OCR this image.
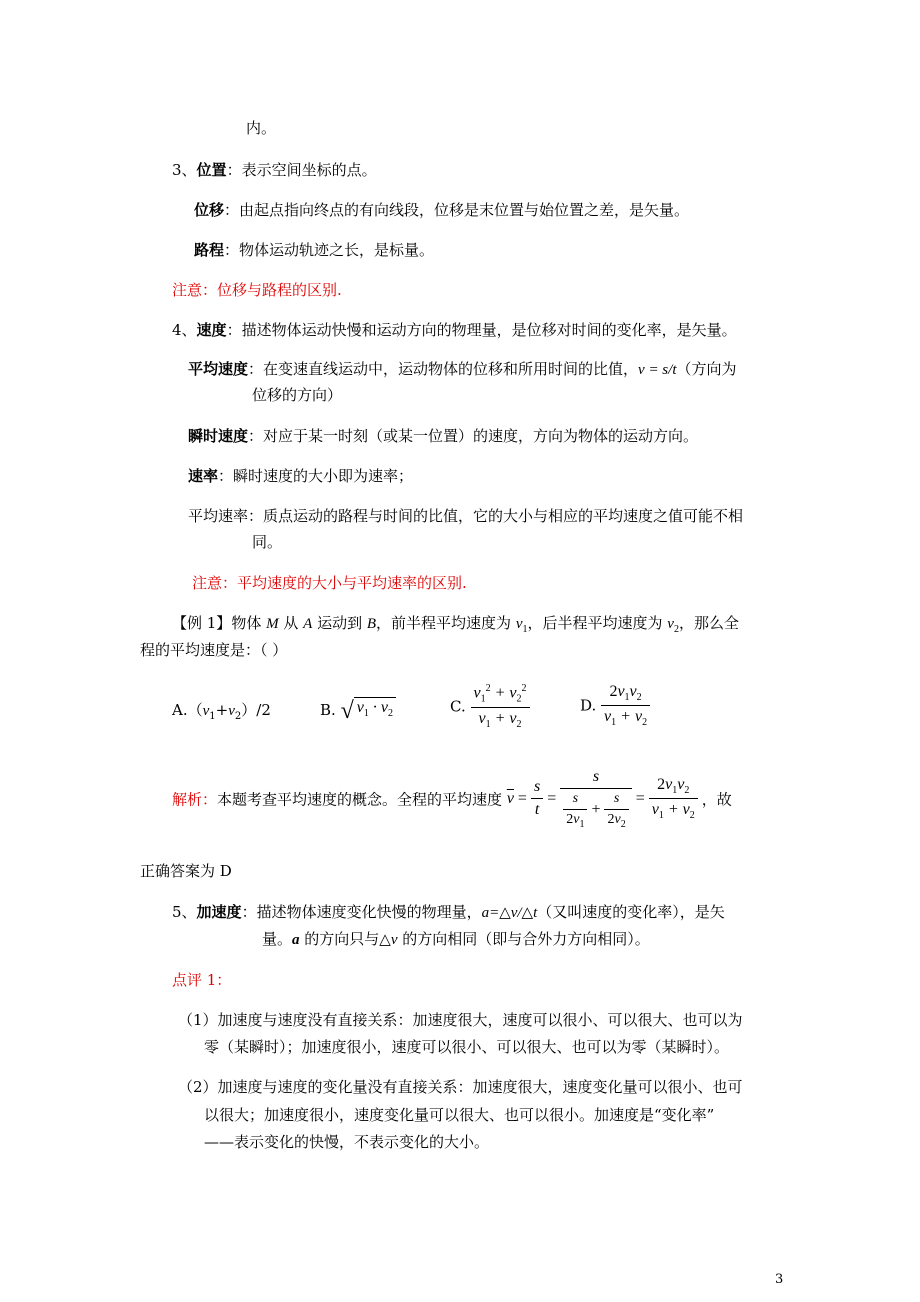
内。
3、位置：表示空间坐标的点。
位移：由起点指向终点的有向线段，位移是末位置与始位置之差，是矢量。
路程：物体运动轨迹之长，是标量。
注意：位移与路程的区别.
4、速度：描述物体运动快慢和运动方向的物理量，是位移对时间的变化率，是矢量。
平均速度：在变速直线运动中，运动物体的位移和所用时间的比值，v = s/t（方向为
位移的方向）
瞬时速度：对应于某一时刻（或某一位置）的速度，方向为物体的运动方向。
速率：瞬时速度的大小即为速率；
平均速率：质点运动的路程与时间的比值，它的大小与相应的平均速度之值可能不相
同。
注意：平均速度的大小与平均速率的区别.
【例 1】物体 M 从 A 运动到 B，前半程平均速度为 $v_1$，后半程平均速度为 $v_2$，那么全
程的平均速度是：（ ）
$A.(v_1+v_2)/2$	B. √ $v_1 \cdot v_2$	C. $\frac{v_1^2 + v_2^2}{v_1 + v_2}$	D. $\frac{2v_1v_2}{v_1 + v_2}$
解析：本题考查平均速度的概念。全程的平均速度 $\overline{v} = \frac{s}{t} = \frac{s}{\frac{s}{2v_1} + \frac{s}{2v_2}} = \frac{2v_1v_2}{v_1 + v_2}$ ，故
正确答案为 D
5、加速度：描述物体速度变化快慢的物理量，a=△v/△t（又叫速度的变化率），是矢
量。a 的方向只与△v 的方向相同（即与合外力方向相同）。
点评 1：
（1）加速度与速度没有直接关系：加速度很大，速度可以很小、可以很大、也可以为
零（某瞬时）；加速度很小，速度可以很小、可以很大、也可以为零（某瞬时）。
（2）加速度与速度的变化量没有直接关系：加速度很大，速度变化量可以很小、也可
以很大；加速度很小，速度变化量可以很大、也可以很小。加速度是“变化率”
——表示变化的快慢，不表示变化的大小。
3
